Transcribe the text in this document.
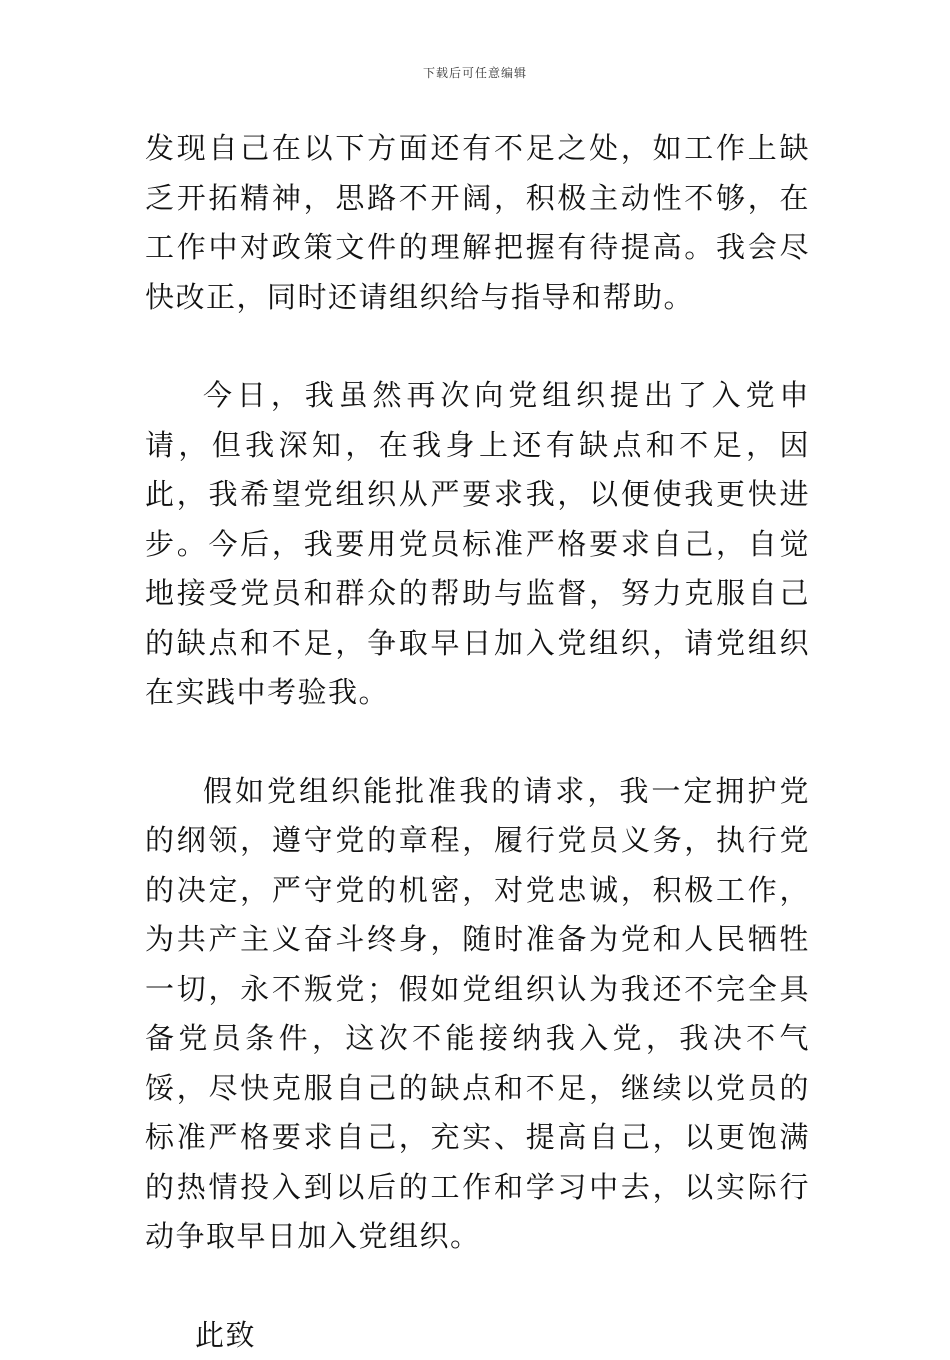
下载后可任意编辑

发现自己在以下方面还有不足之处，如工作上缺乏开拓精神，思路不开阔，积极主动性不够，在工作中对政策文件的理解把握有待提高。我会尽快改正，同时还请组织给与指导和帮助。

今日，我虽然再次向党组织提出了入党申请，但我深知，在我身上还有缺点和不足，因此，我希望党组织从严要求我，以便使我更快进步。今后，我要用党员标准严格要求自己，自觉地接受党员和群众的帮助与监督，努力克服自己的缺点和不足，争取早日加入党组织，请党组织在实践中考验我。

假如党组织能批准我的请求，我一定拥护党的纲领，遵守党的章程，履行党员义务，执行党的决定，严守党的机密，对党忠诚，积极工作，为共产主义奋斗终身，随时准备为党和人民牺牲一切，永不叛党；假如党组织认为我还不完全具备党员条件，这次不能接纳我入党，我决不气馁，尽快克服自己的缺点和不足，继续以党员的标准严格要求自己，充实、提高自己，以更饱满的热情投入到以后的工作和学习中去，以实际行动争取早日加入党组织。

此致
